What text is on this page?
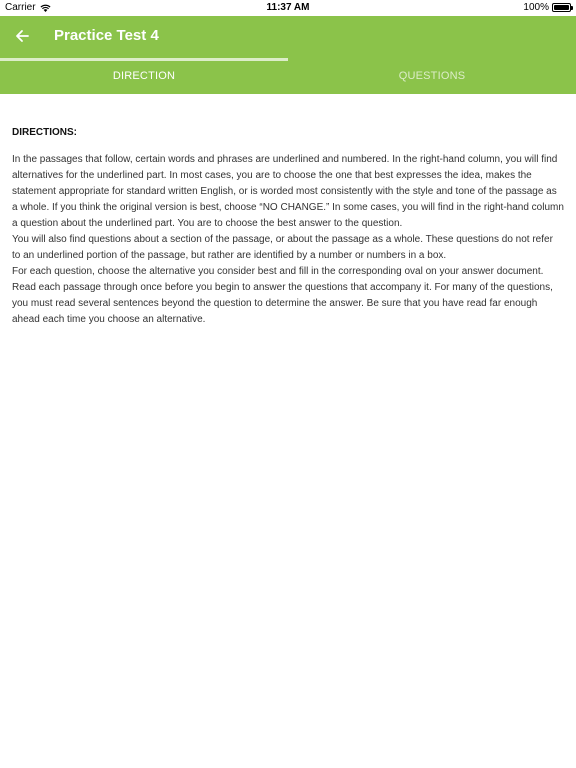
Carrier	11:37 AM	100%
Practice Test 4
DIRECTION	QUESTIONS
DIRECTIONS:

In the passages that follow, certain words and phrases are underlined and numbered. In the right-hand column, you will find alternatives for the underlined part. In most cases, you are to choose the one that best expresses the idea, makes the statement appropriate for standard written English, or is worded most consistently with the style and tone of the passage as a whole. If you think the original version is best, choose “NO CHANGE.” In some cases, you will find in the right-hand column a question about the underlined part. You are to choose the best answer to the question.

You will also find questions about a section of the passage, or about the passage as a whole. These questions do not refer to an underlined portion of the passage, but rather are identified by a number or numbers in a box.

For each question, choose the alternative you consider best and fill in the corresponding oval on your answer document. Read each passage through once before you begin to answer the questions that accompany it. For many of the questions, you must read several sentences beyond the question to determine the answer. Be sure that you have read far enough ahead each time you choose an alternative.
